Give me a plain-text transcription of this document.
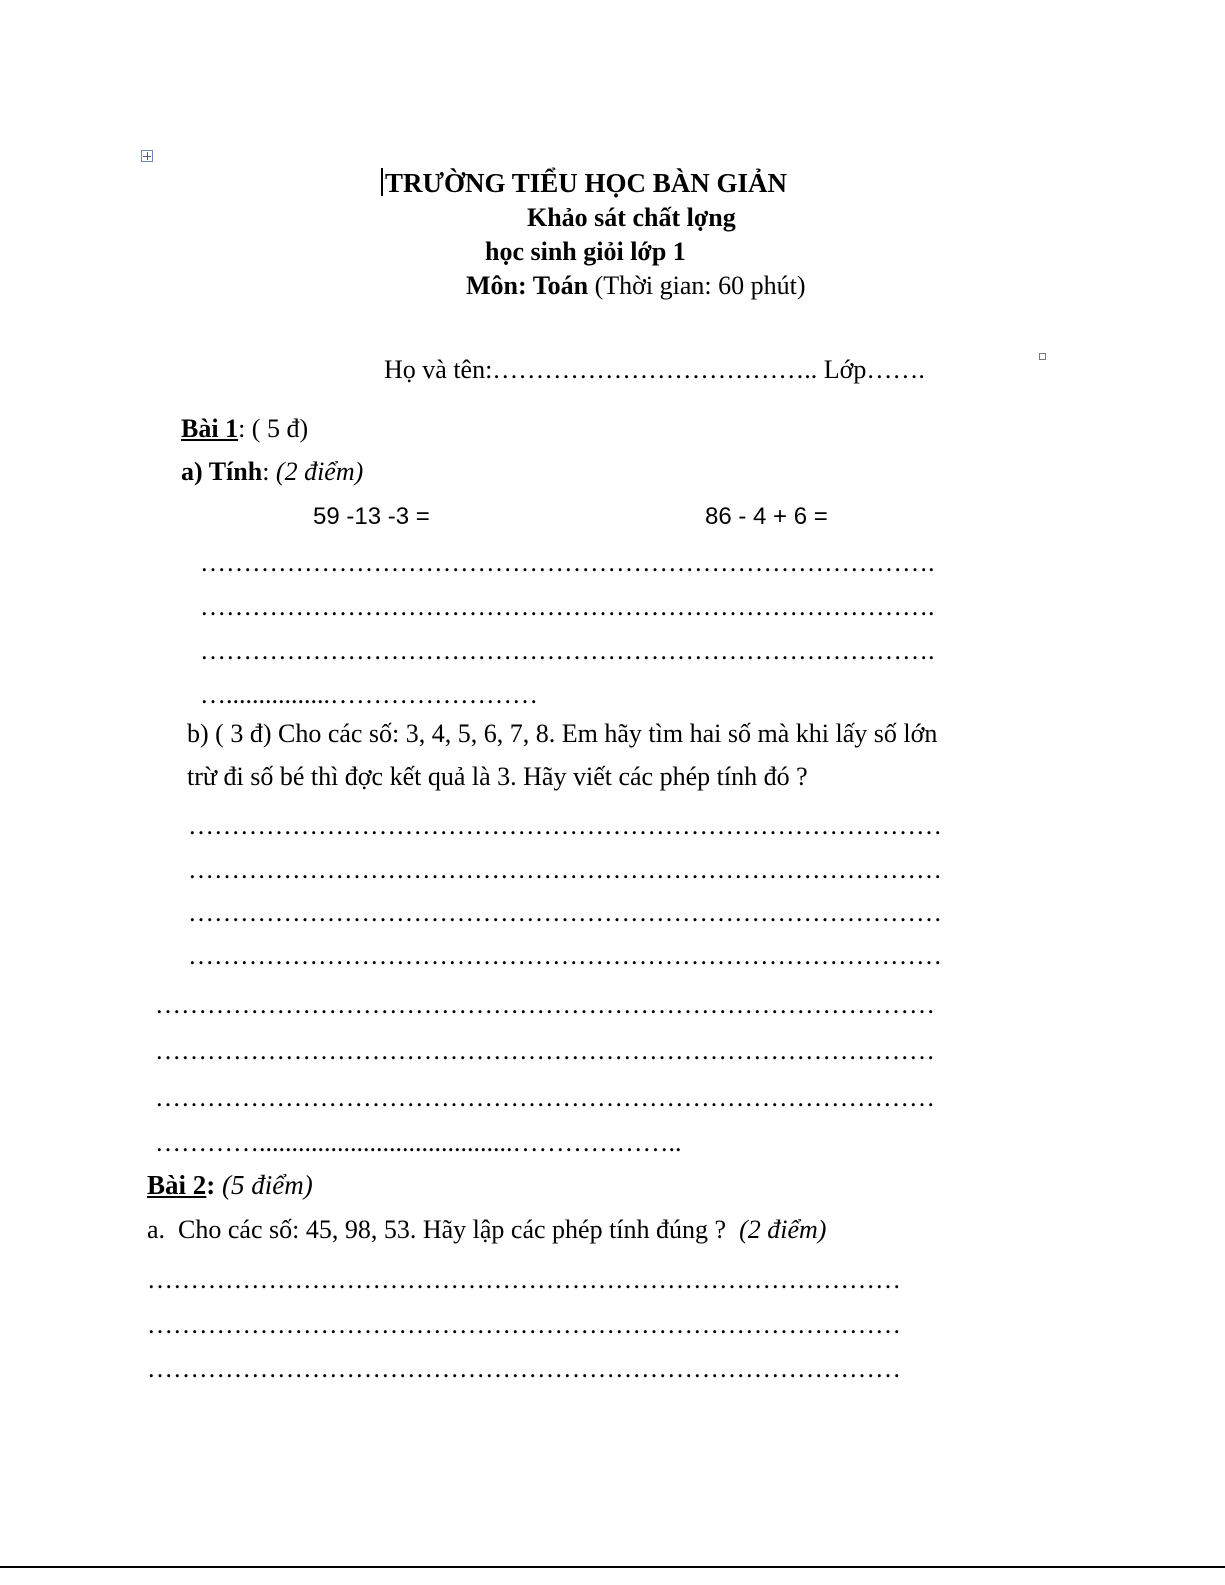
TRƯỜNG TIỂU HỌC BÀN GIẢN
Khảo sát chất lợng
học sinh giỏi lớp 1
Môn: Toán (Thời gian: 60 phút)
Họ và tên:……………………………….. Lớp…….
Bài 1: ( 5 đ)
a) Tính: (2 điểm)
59 -13 -3 =	86 - 4 + 6 =
………………………………………………………………………….
………………………………………………………………………….
………………………………………………………………………….
…................……………………
b) ( 3 đ) Cho các số: 3, 4, 5, 6, 7, 8. Em hãy tìm hai số mà khi lấy số lớn
trừ đi số bé thì đợc kết quả là 3. Hãy viết các phép tính đó ?
……………………………………………………………………………
……………………………………………………………………………
……………………………………………………………………………
……………………………………………………………………………
………………………………………………………………………………
………………………………………………………………………………
………………………………………………………………………………
………….......................................………………..
Bài 2: (5 điểm)
a.  Cho các số: 45, 98, 53. Hãy lập các phép tính đúng ?  (2 điểm)
……………………………………………………………………………
……………………………………………………………………………
……………………………………………………………………………
